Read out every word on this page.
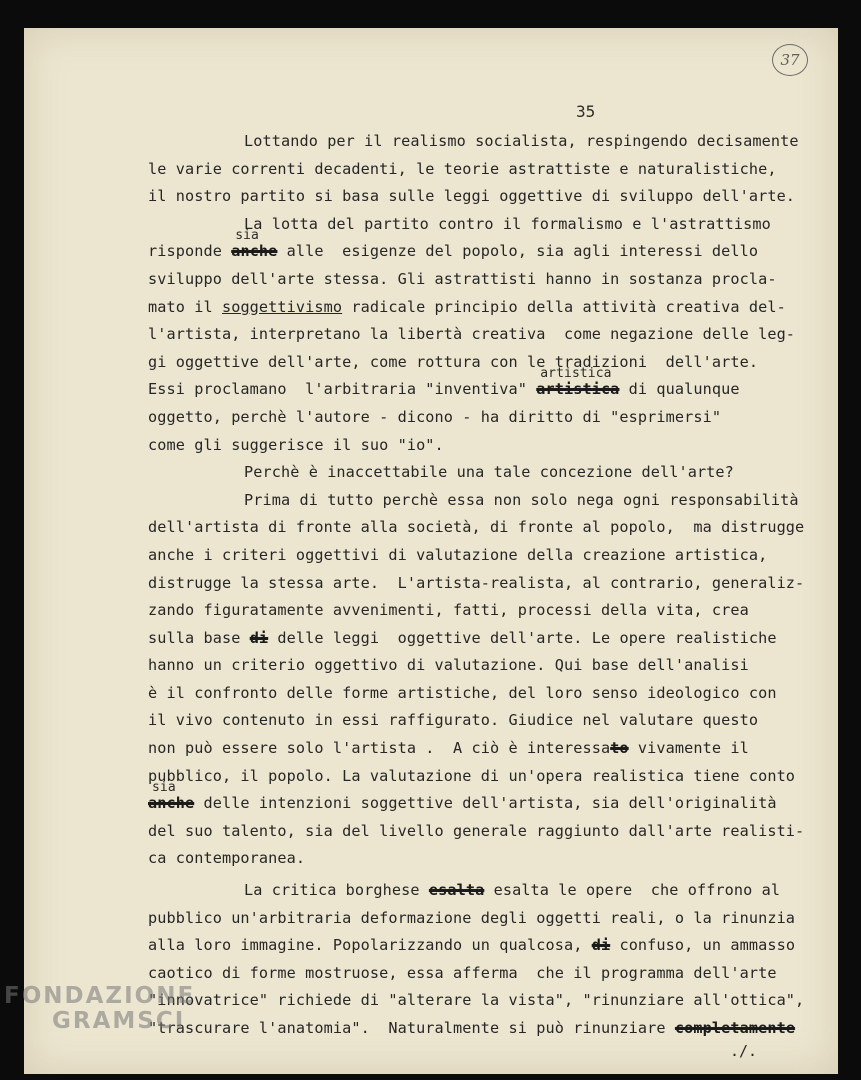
37
35
Lottando per il realismo socialista, respingendo decisamente
le varie correnti decadenti, le teorie astrattiste e naturalistiche,
il nostro partito si basa sulle leggi oggettive di sviluppo dell'arte.
La lotta del partito contro il formalismo e l'astrattismo
risponde
sia
anche alle  esigenze del popolo, sia agli interessi dello
sviluppo dell'arte stessa. Gli astrattisti hanno in sostanza procla-
mato il soggettivismo radicale principio della attività creativa del-
l'artista, interpretano la libertà creativa  come negazione delle leg-
gi oggettive dell'arte, come rottura con le tradizioni  dell'arte.
Essi proclamano  l'arbitraria "inventiva"
artistica
artistica di qualunque
oggetto, perchè l'autore - dicono - ha diritto di "esprimersi"
come gli suggerisce il suo "io".
Perchè è inaccettabile una tale concezione dell'arte?
Prima di tutto perchè essa non solo nega ogni responsabilità
dell'artista di fronte alla società, di fronte al popolo,  ma distrugge
anche i criteri oggettivi di valutazione della creazione artistica,
distrugge la stessa arte.  L'artista-realista, al contrario, generaliz-
zando figuratamente avvenimenti, fatti, processi della vita, crea
sulla base di delle leggi  oggettive dell'arte. Le opere realistiche
hanno un criterio oggettivo di valutazione. Qui base dell'analisi
è il confronto delle forme artistiche, del loro senso ideologico con
il vivo contenuto in essi raffigurato. Giudice nel valutare questo
non può essere solo l'artista .  A ciò è interessato vivamente il
pubblico, il popolo. La valutazione di un'opera realistica tiene conto
sia
anche delle intenzioni soggettive dell'artista, sia dell'originalità
del suo talento, sia del livello generale raggiunto dall'arte realisti-
ca contemporanea.
La critica borghese esalta esalta le opere  che offrono al
pubblico un'arbitraria deformazione degli oggetti reali, o la rinunzia
alla loro immagine. Popolarizzando un qualcosa, di confuso, un ammasso
caotico di forme mostruose, essa afferma  che il programma dell'arte
"innovatrice" richiede di "alterare la vista", "rinunziare all'ottica",
"trascurare l'anatomia".  Naturalmente si può rinunziare completamente
./.
FONDAZIONE
GRAMSCI
